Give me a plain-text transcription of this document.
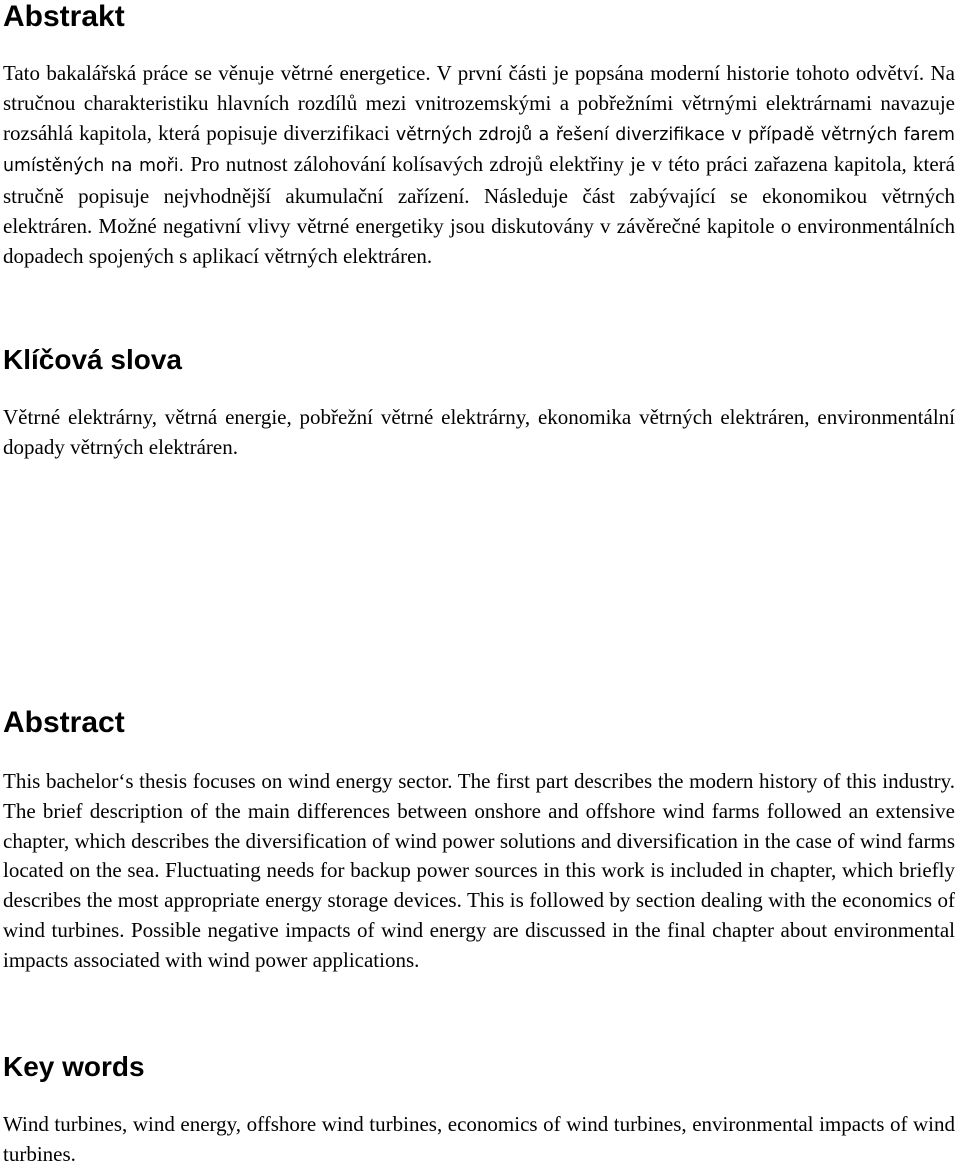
Abstrakt

Tato bakalářská práce se věnuje větrné energetice. V první části je popsána moderní historie tohoto odvětví. Na stručnou charakteristiku hlavních rozdílů mezi vnitrozemskými a pobřežními větrnými elektrárnami navazuje rozsáhlá kapitola, která popisuje diverzifikaci větrných zdrojů a řešení diverzifikace v případě větrných farem umístěných na moři. Pro nutnost zálohování kolísavých zdrojů elektřiny je v této práci zařazena kapitola, která stručně popisuje nejvhodnější akumulační zařízení. Následuje část zabývající se ekonomikou větrných elektráren. Možné negativní vlivy větrné energetiky jsou diskutovány v závěrečné kapitole o environmentálních dopadech spojených s aplikací větrných elektráren.

Klíčová slova

Větrné elektrárny, větrná energie, pobřežní větrné elektrárny, ekonomika větrných elektráren, environmentální dopady větrných elektráren.

Abstract

This bachelor‘s thesis focuses on wind energy sector. The first part describes the modern history of this industry. The brief description of the main differences between onshore and offshore wind farms followed an extensive chapter, which describes the diversification of wind power solutions and diversification in the case of wind farms located on the sea. Fluctuating needs for backup power sources in this work is included in chapter, which briefly describes the most appropriate energy storage devices. This is followed by section dealing with the economics of wind turbines. Possible negative impacts of wind energy are discussed in the final chapter about environmental impacts associated with wind power applications.

Key words

Wind turbines, wind energy, offshore wind turbines, economics of wind turbines, environmental impacts of wind turbines.
